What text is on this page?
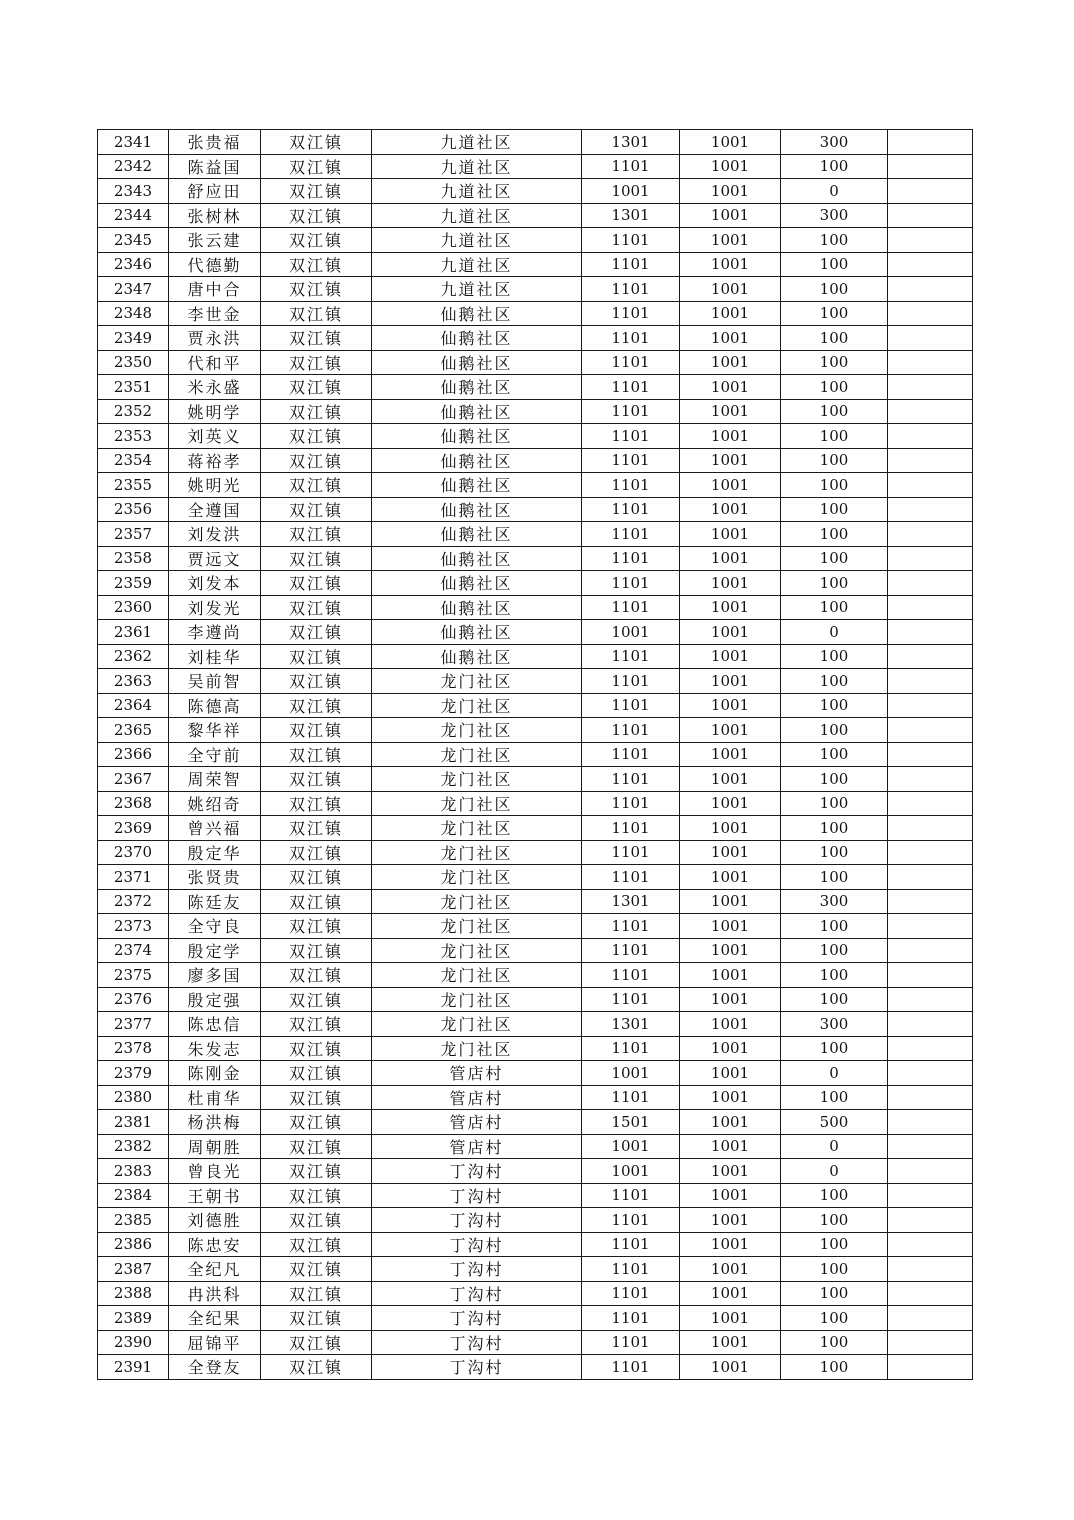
2341	张贵福	双江镇	九道社区	1301	1001	300	
2342	陈益国	双江镇	九道社区	1101	1001	100	
2343	舒应田	双江镇	九道社区	1001	1001	0	
2344	张树林	双江镇	九道社区	1301	1001	300	
2345	张云建	双江镇	九道社区	1101	1001	100	
2346	代德勤	双江镇	九道社区	1101	1001	100	
2347	唐中合	双江镇	九道社区	1101	1001	100	
2348	李世金	双江镇	仙鹅社区	1101	1001	100	
2349	贾永洪	双江镇	仙鹅社区	1101	1001	100	
2350	代和平	双江镇	仙鹅社区	1101	1001	100	
2351	米永盛	双江镇	仙鹅社区	1101	1001	100	
2352	姚明学	双江镇	仙鹅社区	1101	1001	100	
2353	刘英义	双江镇	仙鹅社区	1101	1001	100	
2354	蒋裕孝	双江镇	仙鹅社区	1101	1001	100	
2355	姚明光	双江镇	仙鹅社区	1101	1001	100	
2356	全遵国	双江镇	仙鹅社区	1101	1001	100	
2357	刘发洪	双江镇	仙鹅社区	1101	1001	100	
2358	贾远文	双江镇	仙鹅社区	1101	1001	100	
2359	刘发本	双江镇	仙鹅社区	1101	1001	100	
2360	刘发光	双江镇	仙鹅社区	1101	1001	100	
2361	李遵尚	双江镇	仙鹅社区	1001	1001	0	
2362	刘桂华	双江镇	仙鹅社区	1101	1001	100	
2363	吴前智	双江镇	龙门社区	1101	1001	100	
2364	陈德高	双江镇	龙门社区	1101	1001	100	
2365	黎华祥	双江镇	龙门社区	1101	1001	100	
2366	全守前	双江镇	龙门社区	1101	1001	100	
2367	周荣智	双江镇	龙门社区	1101	1001	100	
2368	姚绍奇	双江镇	龙门社区	1101	1001	100	
2369	曾兴福	双江镇	龙门社区	1101	1001	100	
2370	殷定华	双江镇	龙门社区	1101	1001	100	
2371	张贤贵	双江镇	龙门社区	1101	1001	100	
2372	陈廷友	双江镇	龙门社区	1301	1001	300	
2373	全守良	双江镇	龙门社区	1101	1001	100	
2374	殷定学	双江镇	龙门社区	1101	1001	100	
2375	廖多国	双江镇	龙门社区	1101	1001	100	
2376	殷定强	双江镇	龙门社区	1101	1001	100	
2377	陈忠信	双江镇	龙门社区	1301	1001	300	
2378	朱发志	双江镇	龙门社区	1101	1001	100	
2379	陈刚金	双江镇	管店村	1001	1001	0	
2380	杜甫华	双江镇	管店村	1101	1001	100	
2381	杨洪梅	双江镇	管店村	1501	1001	500	
2382	周朝胜	双江镇	管店村	1001	1001	0	
2383	曾良光	双江镇	丁沟村	1001	1001	0	
2384	王朝书	双江镇	丁沟村	1101	1001	100	
2385	刘德胜	双江镇	丁沟村	1101	1001	100	
2386	陈忠安	双江镇	丁沟村	1101	1001	100	
2387	全纪凡	双江镇	丁沟村	1101	1001	100	
2388	冉洪科	双江镇	丁沟村	1101	1001	100	
2389	全纪果	双江镇	丁沟村	1101	1001	100	
2390	屈锦平	双江镇	丁沟村	1101	1001	100	
2391	全登友	双江镇	丁沟村	1101	1001	100	
